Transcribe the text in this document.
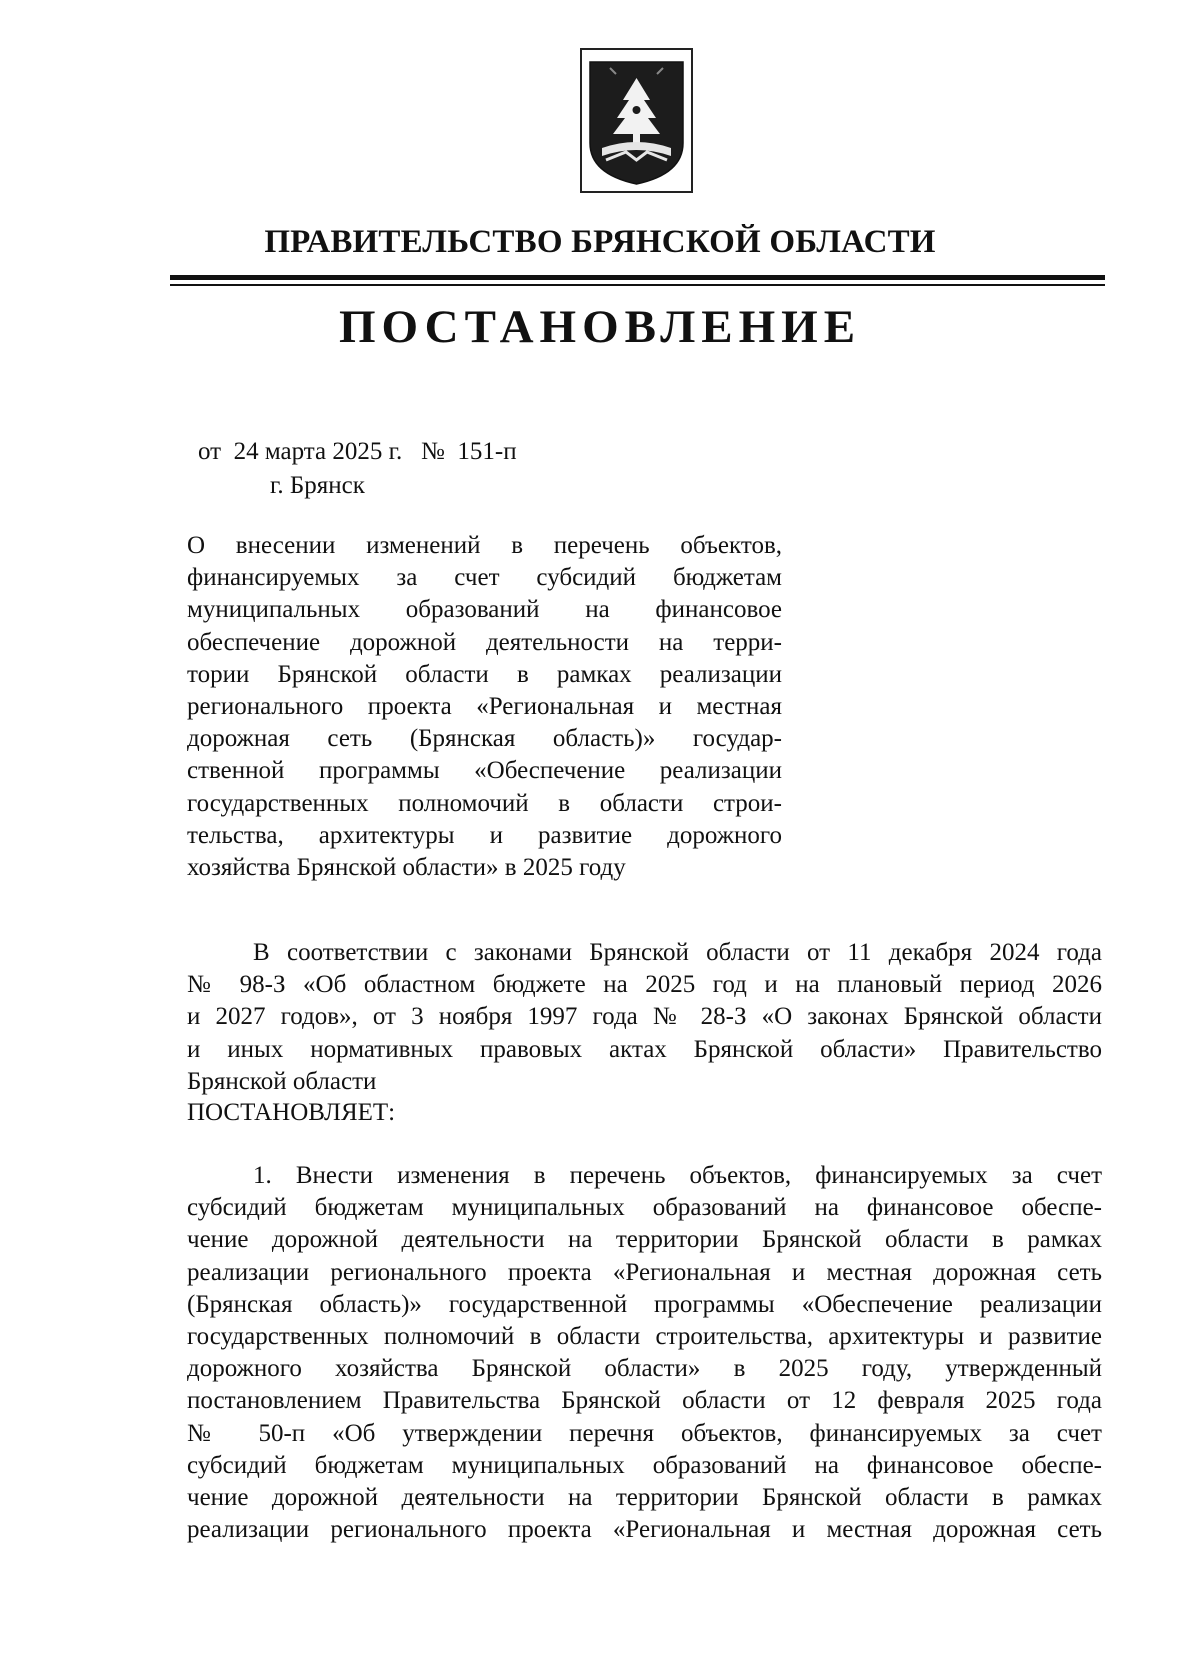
ПРАВИТЕЛЬСТВО БРЯНСКОЙ ОБЛАСТИ
ПОСТАНОВЛЕНИЕ
от 24 марта 2025 г. № 151-п
г. Брянск
О внесении изменений в перечень объектов,
финансируемых за счет субсидий бюджетам
муниципальных образований на финансовое
обеспечение дорожной деятельности на терри-
тории Брянской области в рамках реализации
регионального проекта «Региональная и местная
дорожная сеть (Брянская область)» государ-
ственной программы «Обеспечение реализации
государственных полномочий в области строи-
тельства, архитектуры и развитие дорожного
хозяйства Брянской области» в 2025 году
В соответствии с законами Брянской области от 11 декабря 2024 года
№ 98-З «Об областном бюджете на 2025 год и на плановый период 2026
и 2027 годов», от 3 ноября 1997 года № 28-З «О законах Брянской области
и иных нормативных правовых актах Брянской области» Правительство
Брянской области
ПОСТАНОВЛЯЕТ:
1. Внести изменения в перечень объектов, финансируемых за счет
субсидий бюджетам муниципальных образований на финансовое обеспе-
чение дорожной деятельности на территории Брянской области в рамках
реализации регионального проекта «Региональная и местная дорожная сеть
(Брянская область)» государственной программы «Обеспечение реализации
государственных полномочий в области строительства, архитектуры и развитие
дорожного хозяйства Брянской области» в 2025 году, утвержденный
постановлением Правительства Брянской области от 12 февраля 2025 года
№ 50-п «Об утверждении перечня объектов, финансируемых за счет
субсидий бюджетам муниципальных образований на финансовое обеспе-
чение дорожной деятельности на территории Брянской области в рамках
реализации регионального проекта «Региональная и местная дорожная сеть
